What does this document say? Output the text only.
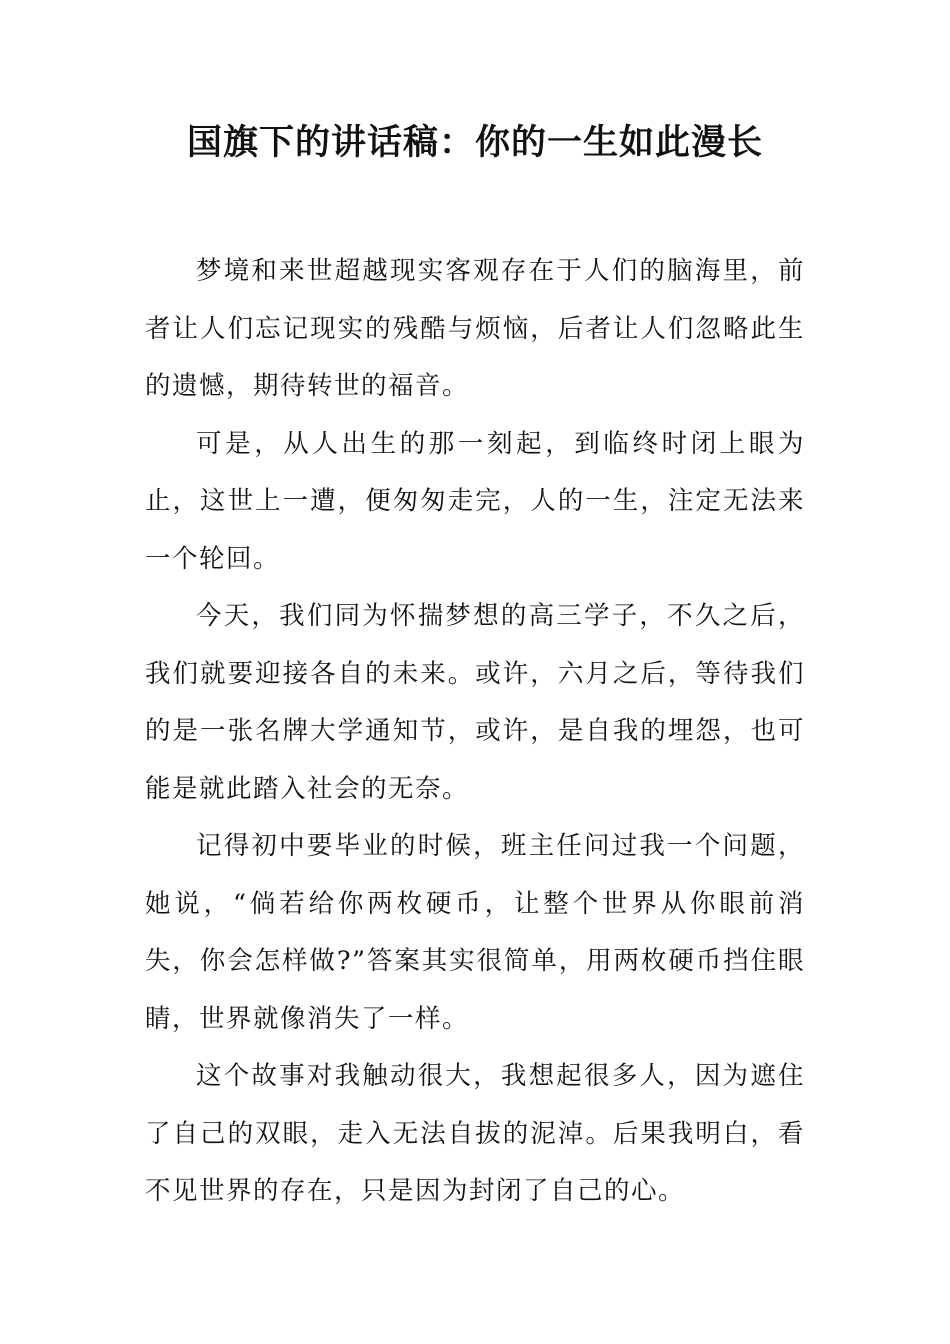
国旗下的讲话稿：你的一生如此漫长

梦境和来世超越现实客观存在于人们的脑海里，前者让人们忘记现实的残酷与烦恼，后者让人们忽略此生的遗憾，期待转世的福音。

可是，从人出生的那一刻起，到临终时闭上眼为止，这世上一遭，便匆匆走完，人的一生，注定无法来一个轮回。

今天，我们同为怀揣梦想的高三学子，不久之后，我们就要迎接各自的未来。或许，六月之后，等待我们的是一张名牌大学通知节，或许，是自我的埋怨，也可能是就此踏入社会的无奈。

记得初中要毕业的时候，班主任问过我一个问题，她说，“倘若给你两枚硬币，让整个世界从你眼前消失，你会怎样做?”答案其实很简单，用两枚硬币挡住眼睛，世界就像消失了一样。

这个故事对我触动很大，我想起很多人，因为遮住了自己的双眼，走入无法自拔的泥淖。后果我明白，看不见世界的存在，只是因为封闭了自己的心。
